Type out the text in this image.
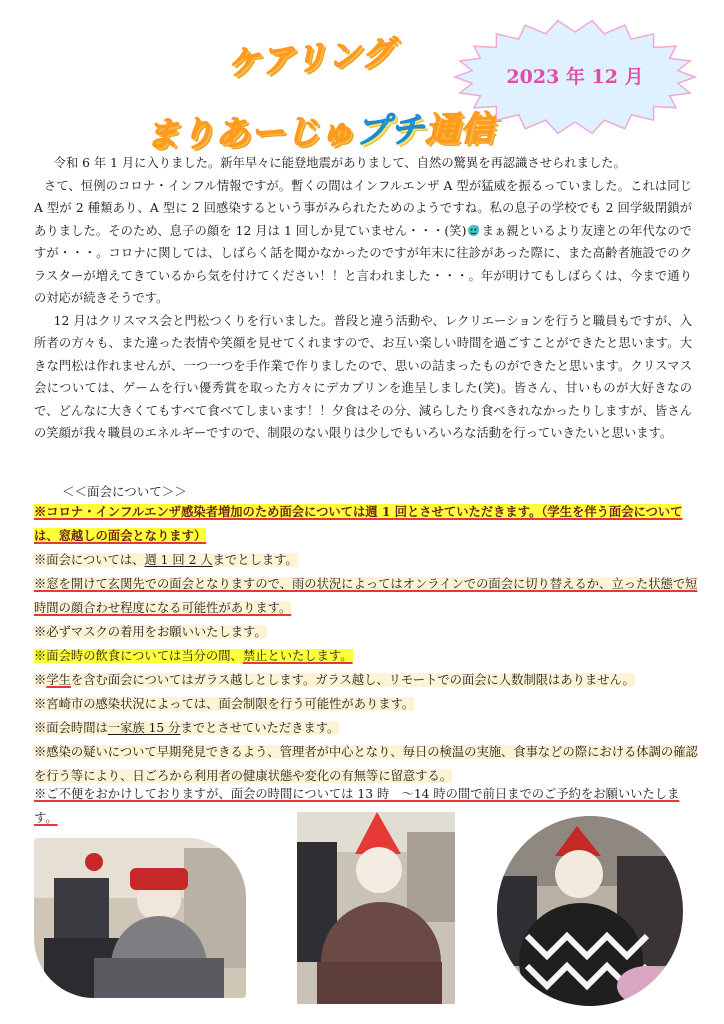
ケアリング
まりあーじゅプチ通信
2023 年 12 月

令和 6 年 1 月に入りました。新年早々に能登地震がありまして、自然の驚異を再認識させられました。

さて、恒例のコロナ・インフル情報ですが。暫くの間はインフルエンザ A 型が猛威を振るっていました。これは同じ A 型が 2 種類あり、A 型に 2 回感染するという事がみられたためのようですね。私の息子の学校でも 2 回学級閉鎖がありました。そのため、息子の顔を 12 月は 1 回しか見ていません・・・(笑) まぁ親といるより友達との年代なのですが・・・。コロナに関しては、しばらく話を聞かなかったのですが年末に往診があった際に、また高齢者施設でのクラスターが増えてきているから気を付けてください！！と言われました・・・。年が明けてもしばらくは、今まで通りの対応が続きそうです。

12 月はクリスマス会と門松つくりを行いました。普段と違う活動や、レクリエーションを行うと職員もですが、入所者の方々も、また違った表情や笑顔を見せてくれますので、お互い楽しい時間を過ごすことができたと思います。大きな門松は作れませんが、一つ一つを手作業で作りましたので、思いの詰まったものができたと思います。クリスマス会については、ゲームを行い優秀賞を取った方々にデカプリンを進呈しました(笑)。皆さん、甘いものが大好きなので、どんなに大きくてもすべて食べてしまいます！！夕食はその分、減らしたり食べきれなかったりしますが、皆さんの笑顔が我々職員のエネルギーですので、制限のない限りは少しでもいろいろな活動を行っていきたいと思います。

＜＜面会について＞＞

※コロナ・インフルエンザ感染者増加のため面会については週 1 回とさせていただきます。（学生を伴う面会については、窓越しの面会となります）

※面会については、週 1 回 2 人までとします。

※窓を開けて玄関先での面会となりますので、雨の状況によってはオンラインでの面会に切り替えるか、立った状態で短時間の顔合わせ程度になる可能性があります。

※必ずマスクの着用をお願いいたします。

※面会時の飲食については当分の間、禁止といたします。

※学生を含む面会についてはガラス越しとします。ガラス越し、リモートでの面会に人数制限はありません。

※宮崎市の感染状況によっては、面会制限を行う可能性があります。

※面会時間は一家族 15 分までとさせていただきます。

※感染の疑いについて早期発見できるよう、管理者が中心となり、毎日の検温の実施、食事などの際における体調の確認を行う等により、日ごろから利用者の健康状態や変化の有無等に留意する。

※ご不便をおかけしておりますが、面会の時間については 13 時　〜14 時の間で前日までのご予約をお願いいたします。
